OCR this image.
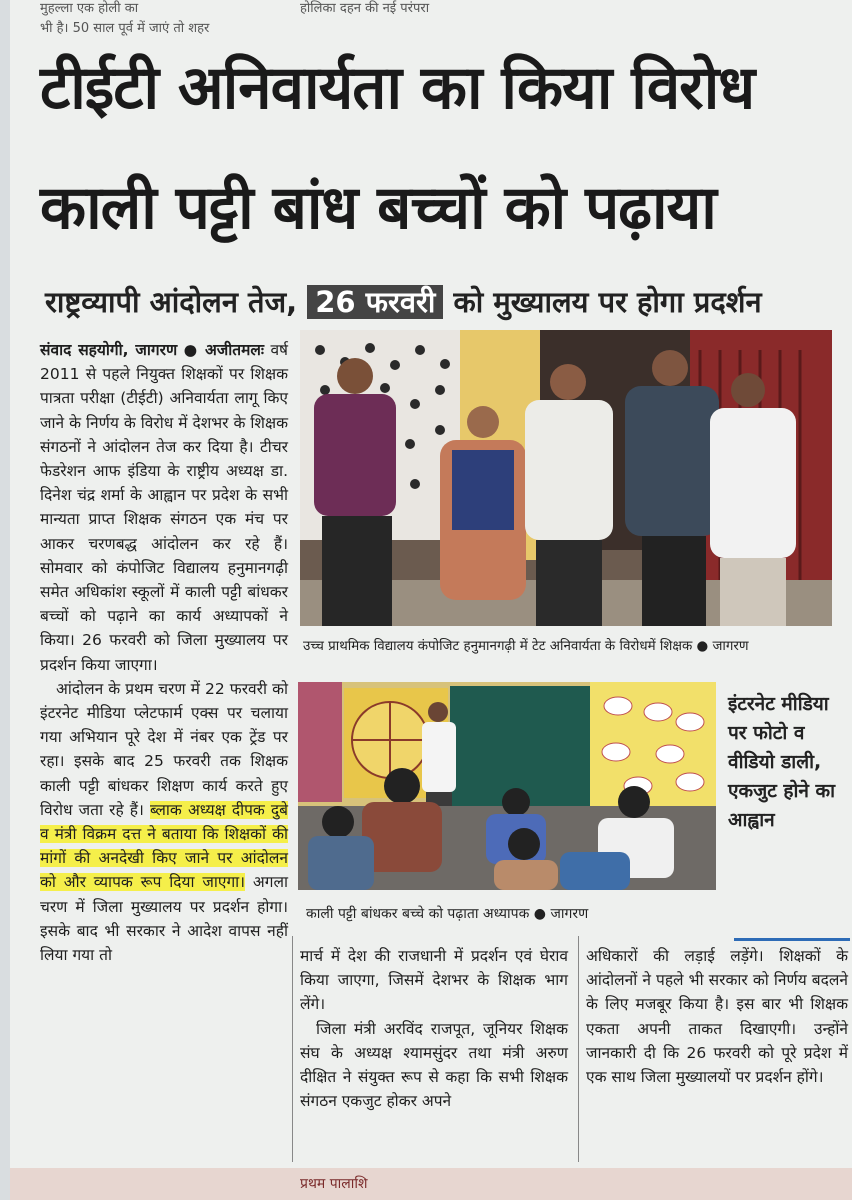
मुहल्ला एक होली का
भी है। 50 साल पूर्व में जाएं तो शहर
होलिका दहन की नई परंपरा
टीईटी अनिवार्यता का किया विरोध
काली पट्टी बांध बच्चों को पढ़ाया
राष्ट्रव्यापी आंदोलन तेज, 26 फरवरी को मुख्यालय पर होगा प्रदर्शन

संवाद सहयोगी, जागरण ● अजीतमलः वर्ष 2011 से पहले नियुक्त शिक्षकों पर शिक्षक पात्रता परीक्षा (टीईटी) अनिवार्यता लागू किए जाने के निर्णय के विरोध में देशभर के शिक्षक संगठनों ने आंदोलन तेज कर दिया है। टीचर फेडरेशन आफ इंडिया के राष्ट्रीय अध्यक्ष डा. दिनेश चंद्र शर्मा के आह्वान पर प्रदेश के सभी मान्यता प्राप्त शिक्षक संगठन एक मंच पर आकर चरणबद्ध आंदोलन कर रहे हैं। सोमवार को कंपोजिट विद्यालय हनुमानगढ़ी समेत अधिकांश स्कूलों में काली पट्टी बांधकर बच्चों को पढ़ाने का कार्य अध्यापकों ने किया। 26 फरवरी को जिला मुख्यालय पर प्रदर्शन किया जाएगा।

आंदोलन के प्रथम चरण में 22 फरवरी को इंटरनेट मीडिया प्लेटफार्म एक्स पर चलाया गया अभियान पूरे देश में नंबर एक ट्रेंड पर रहा। इसके बाद 25 फरवरी तक शिक्षक काली पट्टी बांधकर शिक्षण कार्य करते हुए विरोध जता रहे हैं। ब्लाक अध्यक्ष दीपक दुबे व मंत्री विक्रम दत्त ने बताया कि शिक्षकों की मांगों की अनदेखी किए जाने पर आंदोलन को और व्यापक रूप दिया जाएगा। अगला चरण में जिला मुख्यालय पर प्रदर्शन होगा। इसके बाद भी सरकार ने आदेश वापस नहीं लिया गया तो

उच्च प्राथमिक विद्यालय कंपोजिट हनुमानगढ़ी में टेट अनिवार्यता के विरोधमें शिक्षक ● जागरण
काली पट्टी बांधकर बच्चे को पढ़ाता अध्यापक ● जागरण
इंटरनेट मीडिया पर फोटो व वीडियो डाली, एकजुट होने का आह्वान

मार्च में देश की राजधानी में प्रदर्शन एवं घेराव किया जाएगा, जिसमें देशभर के शिक्षक भाग लेंगे।

जिला मंत्री अरविंद राजपूत, जूनियर शिक्षक संघ के अध्यक्ष श्यामसुंदर तथा मंत्री अरुण दीक्षित ने संयुक्त रूप से कहा कि सभी शिक्षक संगठन एकजुट होकर अपने

अधिकारों की लड़ाई लड़ेंगे। शिक्षकों के आंदोलनों ने पहले भी सरकार को निर्णय बदलने के लिए मजबूर किया है। इस बार भी शिक्षक एकता अपनी ताकत दिखाएगी। उन्होंने जानकारी दी कि 26 फरवरी को पूरे प्रदेश में एक साथ जिला मुख्यालयों पर प्रदर्शन होंगे।

प्रथम पालाशि
